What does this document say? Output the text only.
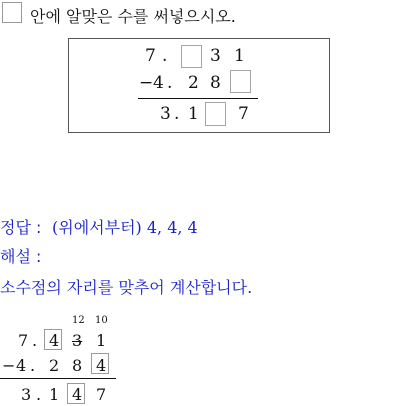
안에 알맞은 수를 써넣으시오.
7 .	3 1
− 4 . 2 8
3 . 1 7
정답 : (위에서부터) 4, 4, 4
해설 :
소수점의 자리를 맞추어 계산합니다.
12 10
7 . 4 3 1
− 4 . 2 8 4
3 . 1 4 7
